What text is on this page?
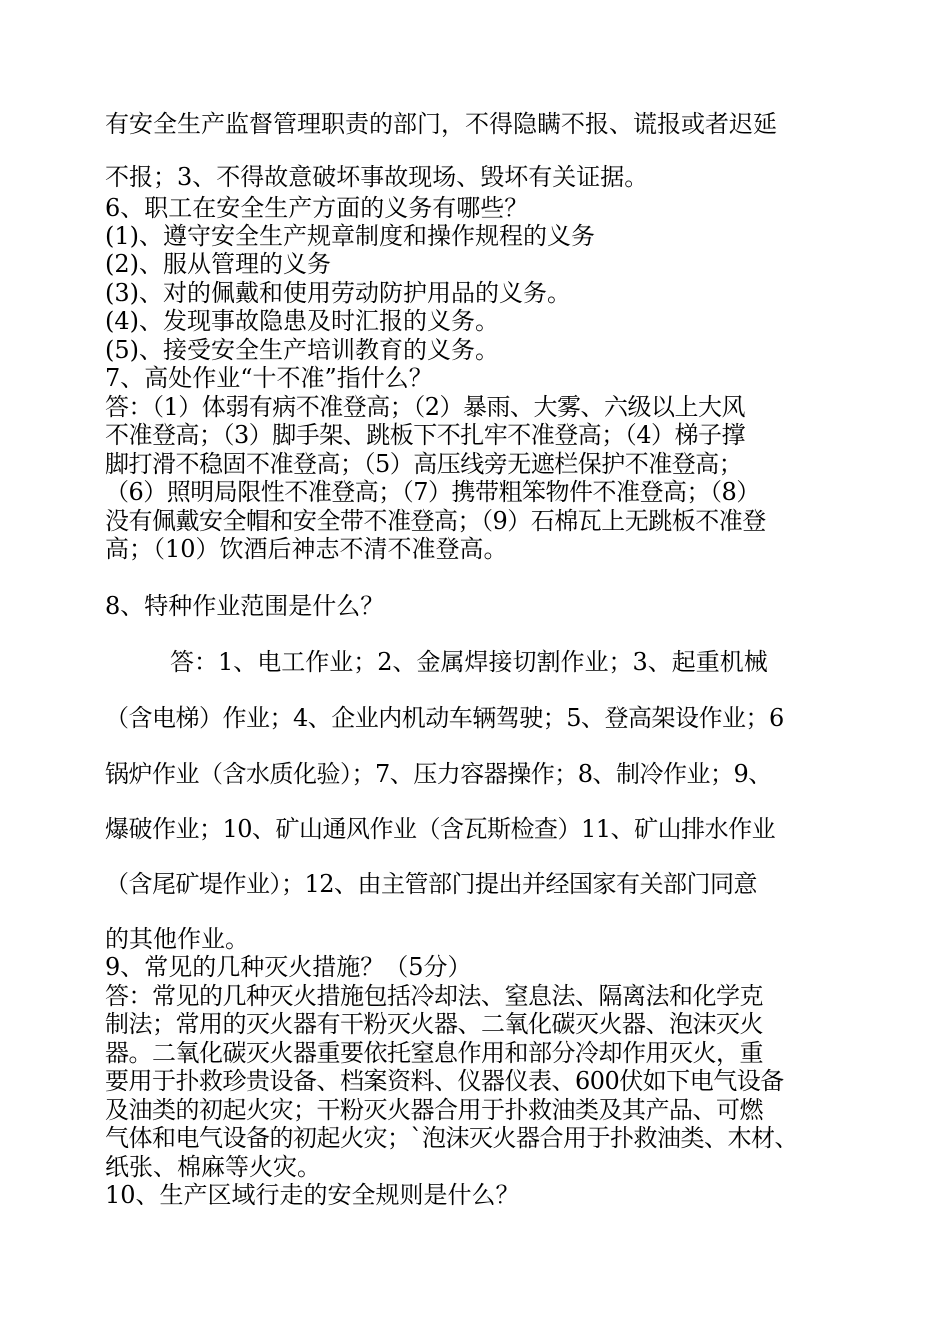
有安全生产监督管理职责的部门，不得隐瞒不报、谎报或者迟延
不报；3、不得故意破坏事故现场、毁坏有关证据。
6、职工在安全生产方面的义务有哪些？
(1)、遵守安全生产规章制度和操作规程的义务
(2)、服从管理的义务
(3)、对的佩戴和使用劳动防护用品的义务。
(4)、发现事故隐患及时汇报的义务。
(5)、接受安全生产培训教育的义务。
7、高处作业“十不准”指什么？
答：（1）体弱有病不准登高；（2）暴雨、大雾、六级以上大风
不准登高；（3）脚手架、跳板下不扎牢不准登高；（4）梯子撑
脚打滑不稳固不准登高；（5）高压线旁无遮栏保护不准登高；
（6）照明局限性不准登高；（7）携带粗笨物件不准登高；（8）
没有佩戴安全帽和安全带不准登高；（9）石棉瓦上无跳板不准登
高；（10）饮酒后神志不清不准登高。
8、特种作业范围是什么？
答：1、电工作业；2、金属焊接切割作业；3、起重机械
（含电梯）作业；4、企业内机动车辆驾驶；5、登高架设作业；6
锅炉作业（含水质化验）；7、压力容器操作；8、制冷作业；9、
爆破作业；10、矿山通风作业（含瓦斯检查）11、矿山排水作业
（含尾矿堤作业）；12、由主管部门提出并经国家有关部门同意
的其他作业。
9、常见的几种灭火措施？（5分）
答：常见的几种灭火措施包括冷却法、窒息法、隔离法和化学克
制法；常用的灭火器有干粉灭火器、二氧化碳灭火器、泡沫灭火
器。二氧化碳灭火器重要依托窒息作用和部分冷却作用灭火，重
要用于扑救珍贵设备、档案资料、仪器仪表、600伏如下电气设备
及油类的初起火灾；干粉灭火器合用于扑救油类及其产品、可燃
气体和电气设备的初起火灾；`泡沫灭火器合用于扑救油类、木材、
纸张、棉麻等火灾。
10、生产区域行走的安全规则是什么？
